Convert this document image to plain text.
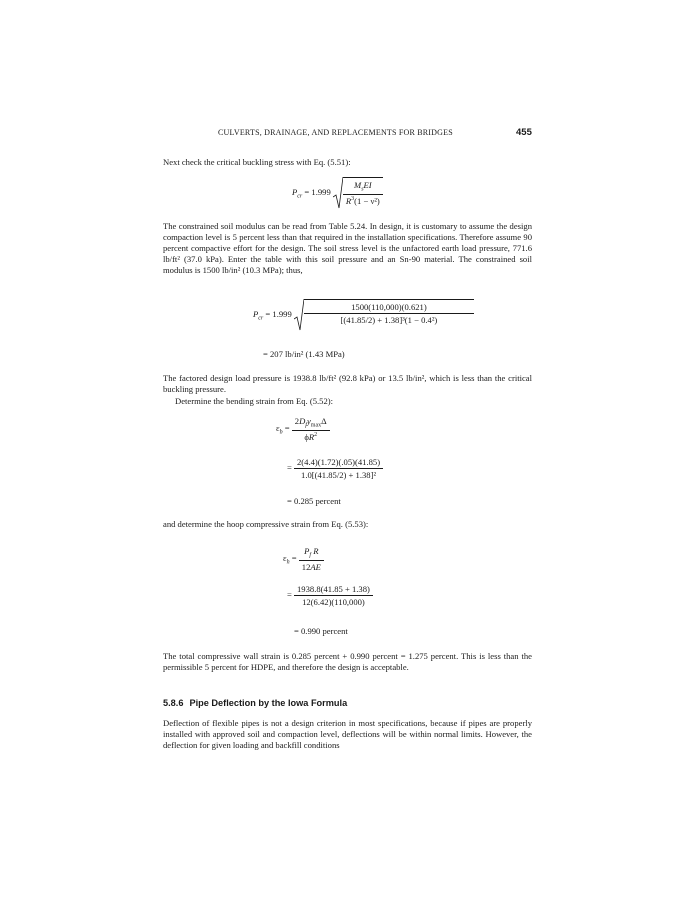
CULVERTS, DRAINAGE, AND REPLACEMENTS FOR BRIDGES	455
Next check the critical buckling stress with Eq. (5.51):
$P_{cr} = 1.999 \frac{M_sEI}{R^3(1 - \nu^2)}$
The constrained soil modulus can be read from Table 5.24. In design, it is customary to assume the design compaction level is 5 percent less than that required in the installation specifications. Therefore assume 90 percent compactive effort for the design. The soil stress level is the unfactored earth load pressure, 771.6 lb/ft² (37.0 kPa). Enter the table with this soil pressure and an Sn-90 material. The constrained soil modulus is 1500 lb/in² (10.3 MPa); thus,
$P_{cr} = 1.999 \frac{1500(110,000)(0.621)}{\text{[(41.85/2) + 1.38]³(1 − 0.4²)}}$
= 207 lb/in² (1.43 MPa)
The factored design load pressure is 1938.8 lb/ft² (92.8 kPa) or 13.5 lb/in², which is less than the critical buckling pressure.
Determine the bending strain from Eq. (5.52):
$\varepsilon_b = \frac{2D_fy_{max}\Delta}{\phi R^2}$
= $\frac{2(4.4)(1.72)(.05)(41.85)}{\text{1.0[(41.85/2) + 1.38]²}}$
= 0.285 percent
and determine the hoop compressive strain from Eq. (5.53):
$\varepsilon_h = \frac{P_f R}{12AE}$
= $\frac{1938.8(41.85 + 1.38)}{12(6.42)(110,000)}$
= 0.990 percent
The total compressive wall strain is 0.285 percent + 0.990 percent = 1.275 percent. This is less than the permissible 5 percent for HDPE, and therefore the design is acceptable.
5.8.6 Pipe Deflection by the Iowa Formula
Deflection of flexible pipes is not a design criterion in most specifications, because if pipes are properly installed with approved soil and compaction level, deflections will be within normal limits. However, the deflection for given loading and backfill conditions
